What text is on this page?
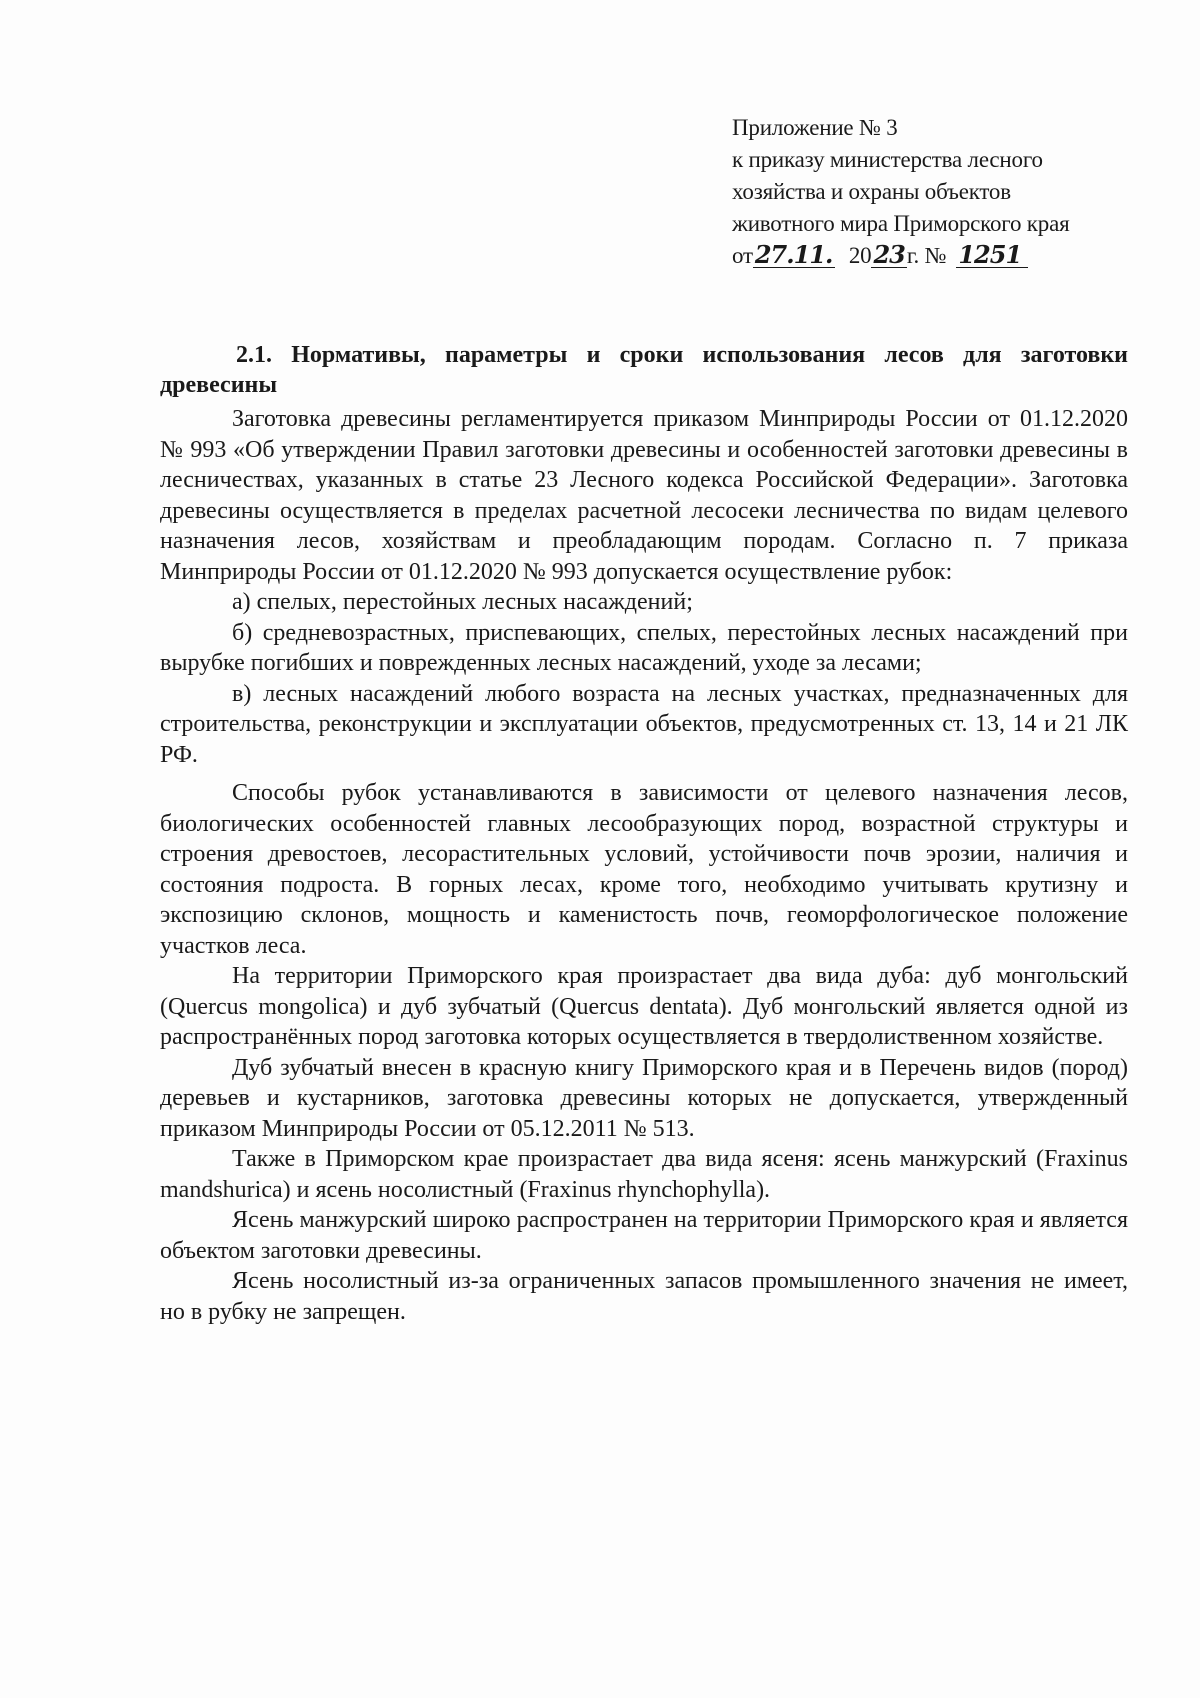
Приложение № 3
к приказу министерства лесного
хозяйства и охраны объектов
животного мира Приморского края
от27.11. 2023г. № 1251

2.1. Нормативы, параметры и сроки использования лесов для заготовки древесины

Заготовка древесины регламентируется приказом Минприроды России от 01.12.2020 № 993 «Об утверждении Правил заготовки древесины и особенностей заготовки древесины в лесничествах, указанных в статье 23 Лесного кодекса Российской Федерации». Заготовка древесины осуществляется в пределах расчетной лесосеки лесничества по видам целевого назначения лесов, хозяйствам и преобладающим породам. Согласно п. 7 приказа Минприроды России от 01.12.2020 № 993 допускается осуществление рубок:

а) спелых, перестойных лесных насаждений;

б) средневозрастных, приспевающих, спелых, перестойных лесных насаждений при вырубке погибших и поврежденных лесных насаждений, уходе за лесами;

в) лесных насаждений любого возраста на лесных участках, предназначенных для строительства, реконструкции и эксплуатации объектов, предусмотренных ст. 13, 14 и 21 ЛК РФ.

Способы рубок устанавливаются в зависимости от целевого назначения лесов, биологических особенностей главных лесообразующих пород, возрастной структуры и строения древостоев, лесорастительных условий, устойчивости почв эрозии, наличия и состояния подроста. В горных лесах, кроме того, необходимо учитывать крутизну и экспозицию склонов, мощность и каменистость почв, геоморфологическое положение участков леса.

На территории Приморского края произрастает два вида дуба: дуб монгольский (Quercus mongolica) и дуб зубчатый (Quercus dentata). Дуб монгольский является одной из распространённых пород заготовка которых осуществляется в твердолиственном хозяйстве.

Дуб зубчатый внесен в красную книгу Приморского края и в Перечень видов (пород) деревьев и кустарников, заготовка древесины которых не допускается, утвержденный приказом Минприроды России от 05.12.2011 № 513.

Также в Приморском крае произрастает два вида ясеня: ясень манжурский (Fraxinus mandshurica) и ясень носолистный (Fraxinus rhynchophylla).

Ясень манжурский широко распространен на территории Приморского края и является объектом заготовки древесины.

Ясень носолистный из-за ограниченных запасов промышленного значения не имеет, но в рубку не запрещен.
